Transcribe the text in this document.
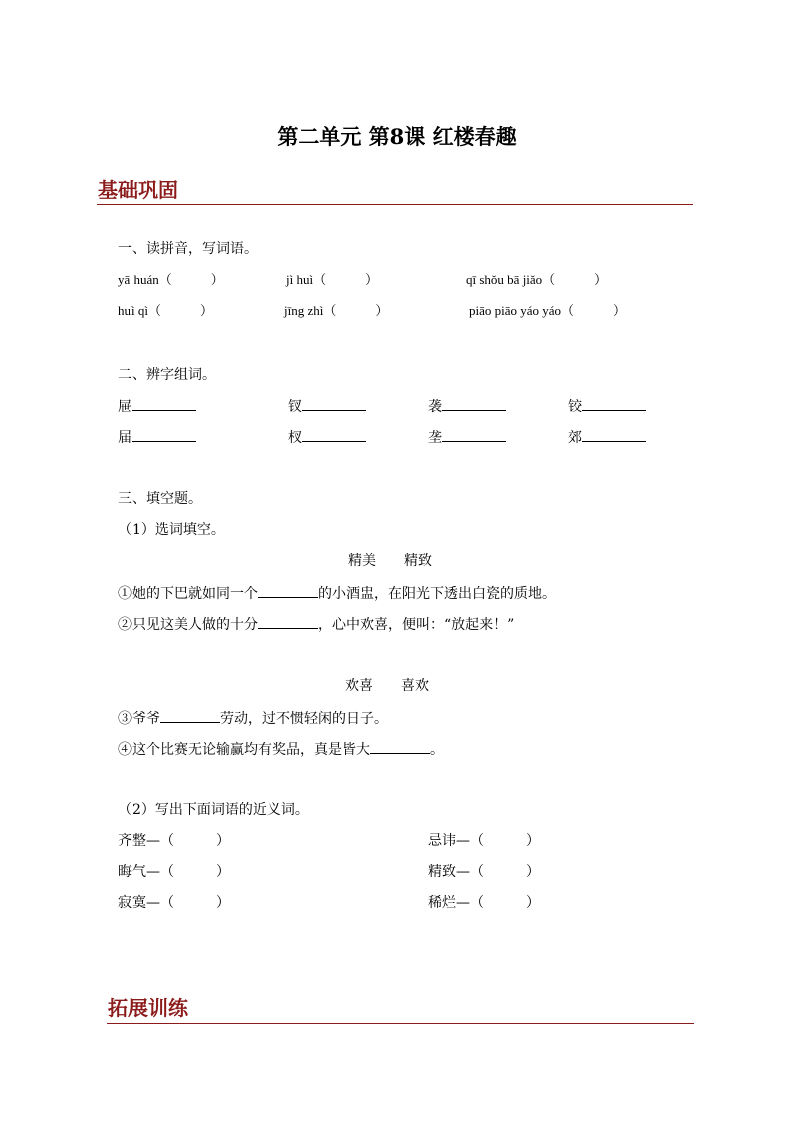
第二单元 第8课 红楼春趣
基础巩固
一、读拼音，写词语。
yā huán（　　　）	jì huì（　　　）	qī shǒu bā jiǎo（　　　）
huì qì（　　　）	jīng zhì（　　　）	piāo piāo yáo yáo（　　　）
二、辨字组词。
屉	钗	袭	铰
届	杈	垄	郊
三、填空题。
（1）选词填空。
精美　　精致
①她的下巴就如同一个	的小酒盅，在阳光下透出白瓷的质地。
②只见这美人做的十分	，心中欢喜，便叫：“放起来！”
欢喜　　喜欢
③爷爷	劳动，过不惯轻闲的日子。
④这个比赛无论输赢均有奖品，真是皆大	。
（2）写出下面词语的近义词。
齐整—（　　　）	忌讳—（　　　）
晦气—（　　　）	精致—（　　　）
寂寞—（　　　）	稀烂—（　　　）
拓展训练
